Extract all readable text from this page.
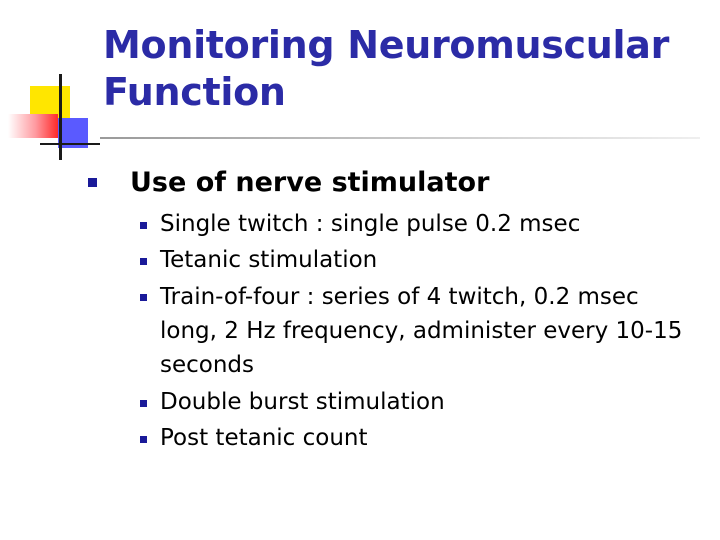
Monitoring Neuromuscular Function
Use of nerve stimulator
Single twitch : single pulse 0.2 msec
Tetanic stimulation
Train-of-four : series of 4 twitch, 0.2 msec long, 2 Hz frequency, administer every 10-15 seconds
Double burst stimulation
Post tetanic count
